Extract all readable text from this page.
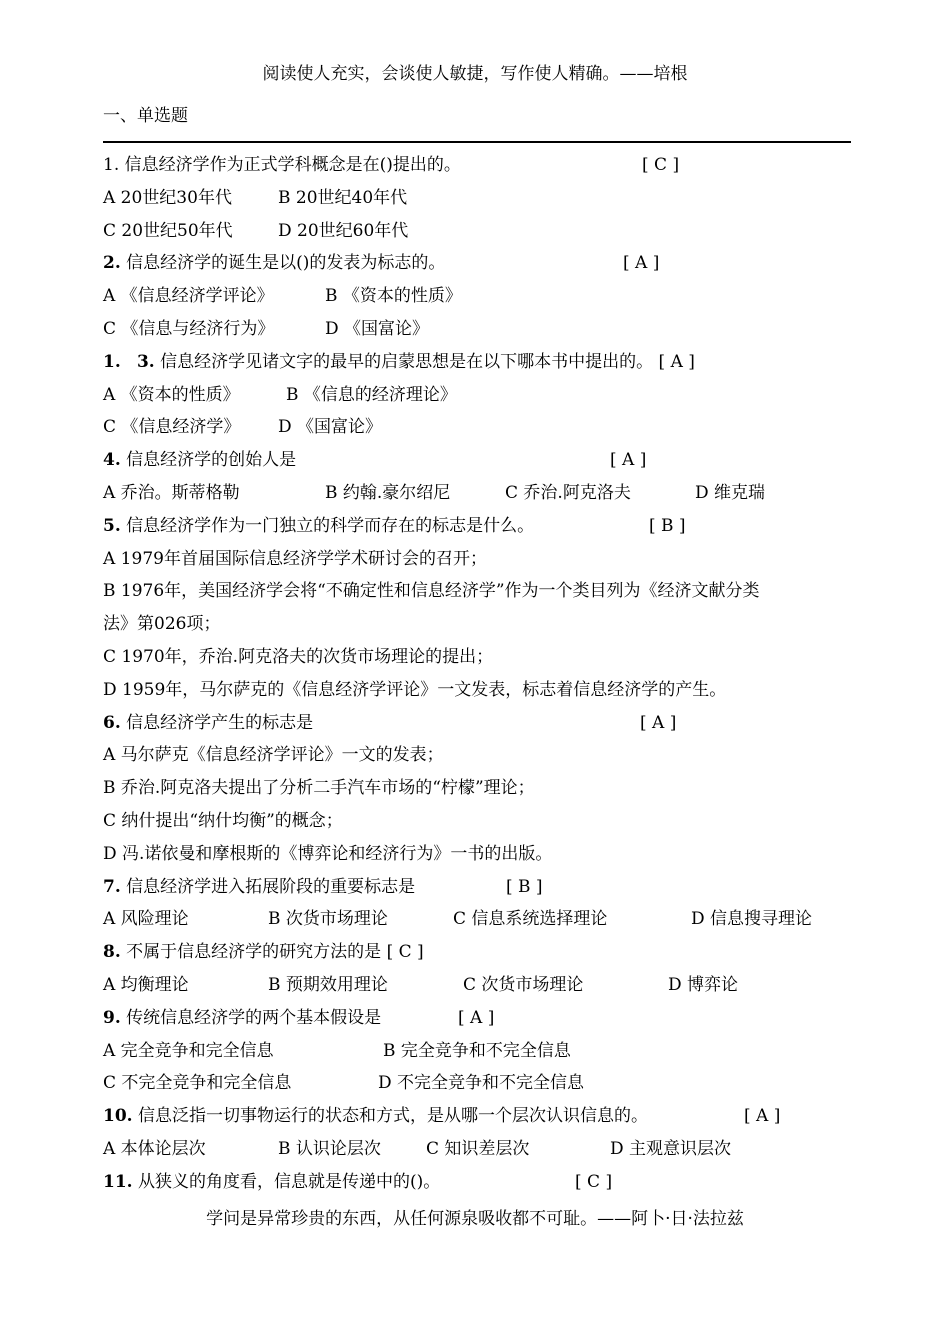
阅读使人充实，会谈使人敏捷，写作使人精确。——培根
一、单选题
1. 信息经济学作为正式学科概念是在()提出的。	[ C ]
A 20世纪30年代	B 20世纪40年代
C 20世纪50年代	D 20世纪60年代
2. 信息经济学的诞生是以()的发表为标志的。	[ A ]
A 《信息经济学评论》	B 《资本的性质》
C 《信息与经济行为》	D 《国富论》
1. 3. 信息经济学见诸文字的最早的启蒙思想是在以下哪本书中提出的。 [ A ]
A 《资本的性质》	B 《信息的经济理论》
C 《信息经济学》 D 《国富论》
4. 信息经济学的创始人是	[ A ]
A 乔治。斯蒂格勒	B 约翰.豪尔绍尼	C 乔治.阿克洛夫	D 维克瑞
5. 信息经济学作为一门独立的科学而存在的标志是什么。	[ B ]
A 1979年首届国际信息经济学学术研讨会的召开；
B 1976年，美国经济学会将“不确定性和信息经济学”作为一个类目列为《经济文献分类
法》第026项；
C 1970年，乔治.阿克洛夫的次货市场理论的提出；
D 1959年，马尔萨克的《信息经济学评论》一文发表，标志着信息经济学的产生。
6. 信息经济学产生的标志是	[ A ]
A 马尔萨克《信息经济学评论》一文的发表；
B 乔治.阿克洛夫提出了分析二手汽车市场的“柠檬”理论；
C 纳什提出“纳什均衡”的概念；
D 冯.诺依曼和摩根斯的《博弈论和经济行为》一书的出版。
7. 信息经济学进入拓展阶段的重要标志是	[ B ]
A 风险理论	B 次货市场理论	C 信息系统选择理论	D 信息搜寻理论
8. 不属于信息经济学的研究方法的是 [ C ]
A 均衡理论	B 预期效用理论	C 次货市场理论	D 博弈论
9. 传统信息经济学的两个基本假设是	[ A ]
A 完全竞争和完全信息	B 完全竞争和不完全信息
C 不完全竞争和完全信息	D 不完全竞争和不完全信息
10. 信息泛指一切事物运行的状态和方式，是从哪一个层次认识信息的。	[ A ]
A 本体论层次	B 认识论层次	C 知识差层次	D 主观意识层次
11. 从狭义的角度看，信息就是传递中的()。	[ C ]
学问是异常珍贵的东西，从任何源泉吸收都不可耻。——阿卜·日·法拉兹
